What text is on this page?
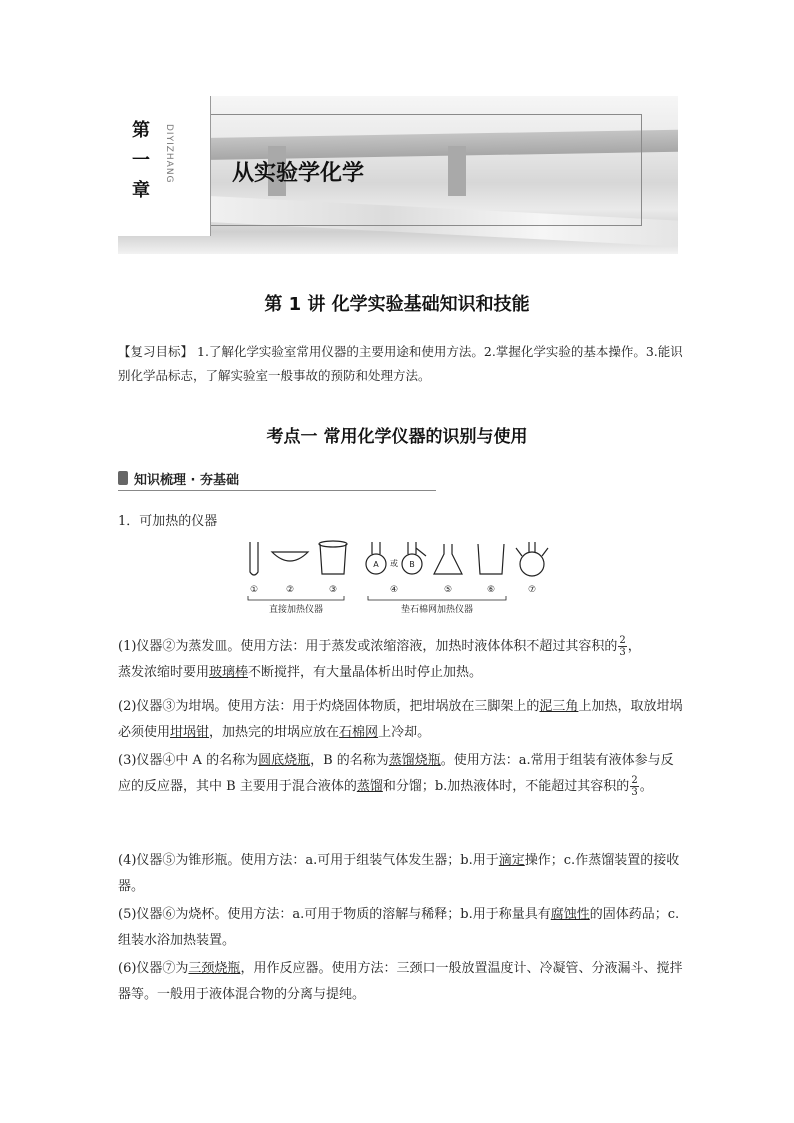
第一章
DIYIZHANG	从实验学化学
第 1 讲 化学实验基础知识和技能
【复习目标】 1.了解化学实验室常用仪器的主要用途和使用方法。2.掌握化学实验的基本操作。3.能识别化学品标志，了解实验室一般事故的预防和处理方法。
考点一 常用化学仪器的识别与使用
知识梳理 · 夯基础
1．可加热的仪器
①	②	③	④	⑤	⑥	⑦
A	B
或
直接加热仪器	垫石棉网加热仪器
(1)仪器②为蒸发皿。使用方法：用于蒸发或浓缩溶液，加热时液体体积不超过其容积的 $\frac{2}{3}$ ，
蒸发浓缩时要用玻璃棒不断搅拌，有大量晶体析出时停止加热。
(2)仪器③为坩埚。使用方法：用于灼烧固体物质，把坩埚放在三脚架上的泥三角上加热，取放坩埚必须使用坩埚钳，加热完的坩埚应放在石棉网上冷却。
(3)仪器④中 A 的名称为圆底烧瓶，B 的名称为蒸馏烧瓶。使用方法：a.常用于组装有液体参与反应的反应器，其中 B 主要用于混合液体的蒸馏和分馏；b.加热液体时，不能超过其容积的 $\frac{2}{3}$ 。
(4)仪器⑤为锥形瓶。使用方法：a.可用于组装气体发生器；b.用于滴定操作；c.作蒸馏装置的接收器。
(5)仪器⑥为烧杯。使用方法：a.可用于物质的溶解与稀释；b.用于称量具有腐蚀性的固体药品；c.组装水浴加热装置。
(6)仪器⑦为三颈烧瓶，用作反应器。使用方法：三颈口一般放置温度计、冷凝管、分液漏斗、搅拌器等。一般用于液体混合物的分离与提纯。
